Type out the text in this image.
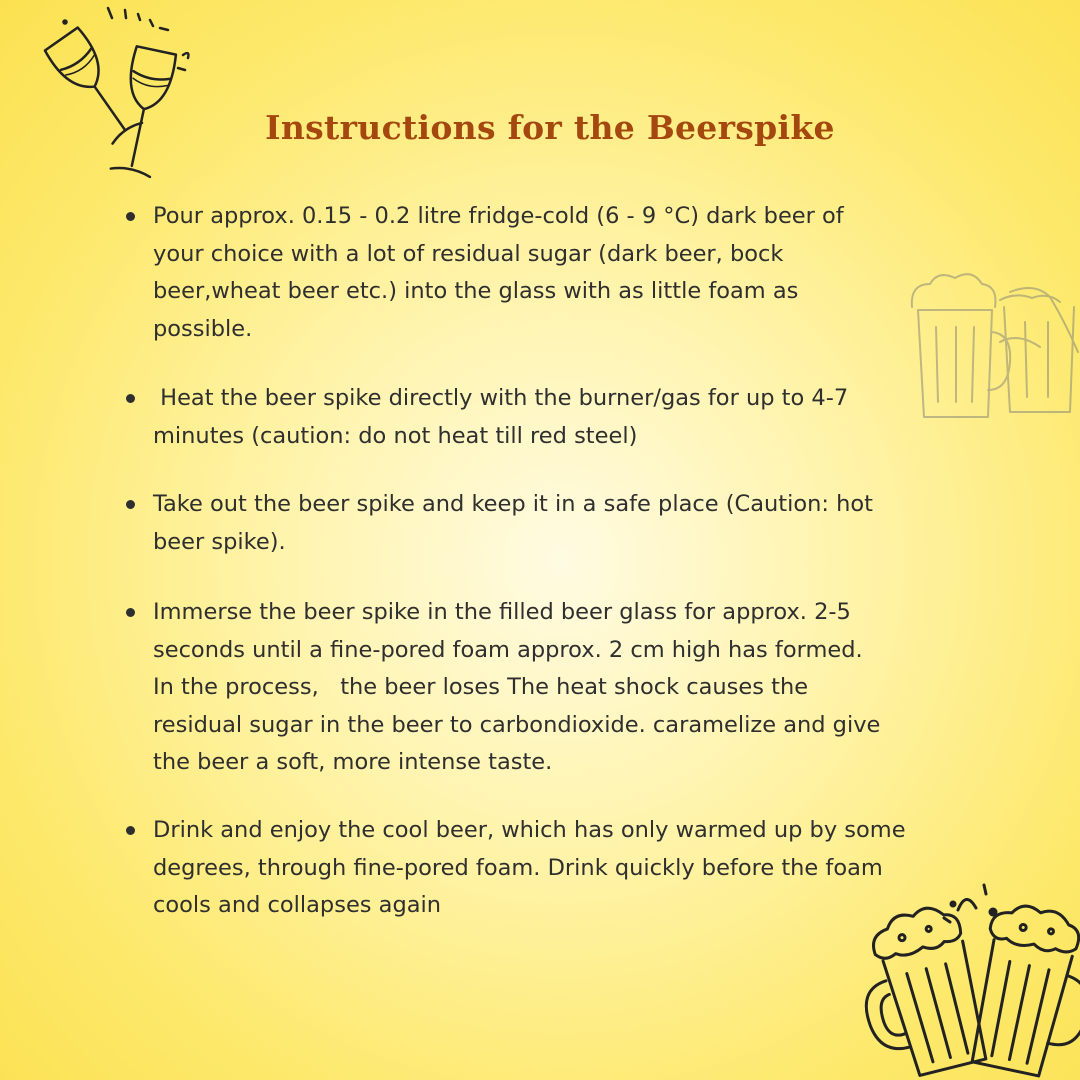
Instructions for the Beerspike
Pour approx. 0.15 - 0.2 litre fridge-cold (6 - 9 °C) dark beer of
your choice with a lot of residual sugar (dark beer, bock
beer,wheat beer etc.) into the glass with as little foam as
possible.
Heat the beer spike directly with the burner/gas for up to 4-7
minutes (caution: do not heat till red steel)
Take out the beer spike and keep it in a safe place (Caution: hot
beer spike).
Immerse the beer spike in the filled beer glass for approx. 2-5
seconds until a fine-pored foam approx. 2 cm high has formed.
In the process,   the beer loses The heat shock causes the
residual sugar in the beer to carbondioxide. caramelize and give
the beer a soft, more intense taste.
Drink and enjoy the cool beer, which has only warmed up by some
degrees, through fine-pored foam. Drink quickly before the foam
cools and collapses again
